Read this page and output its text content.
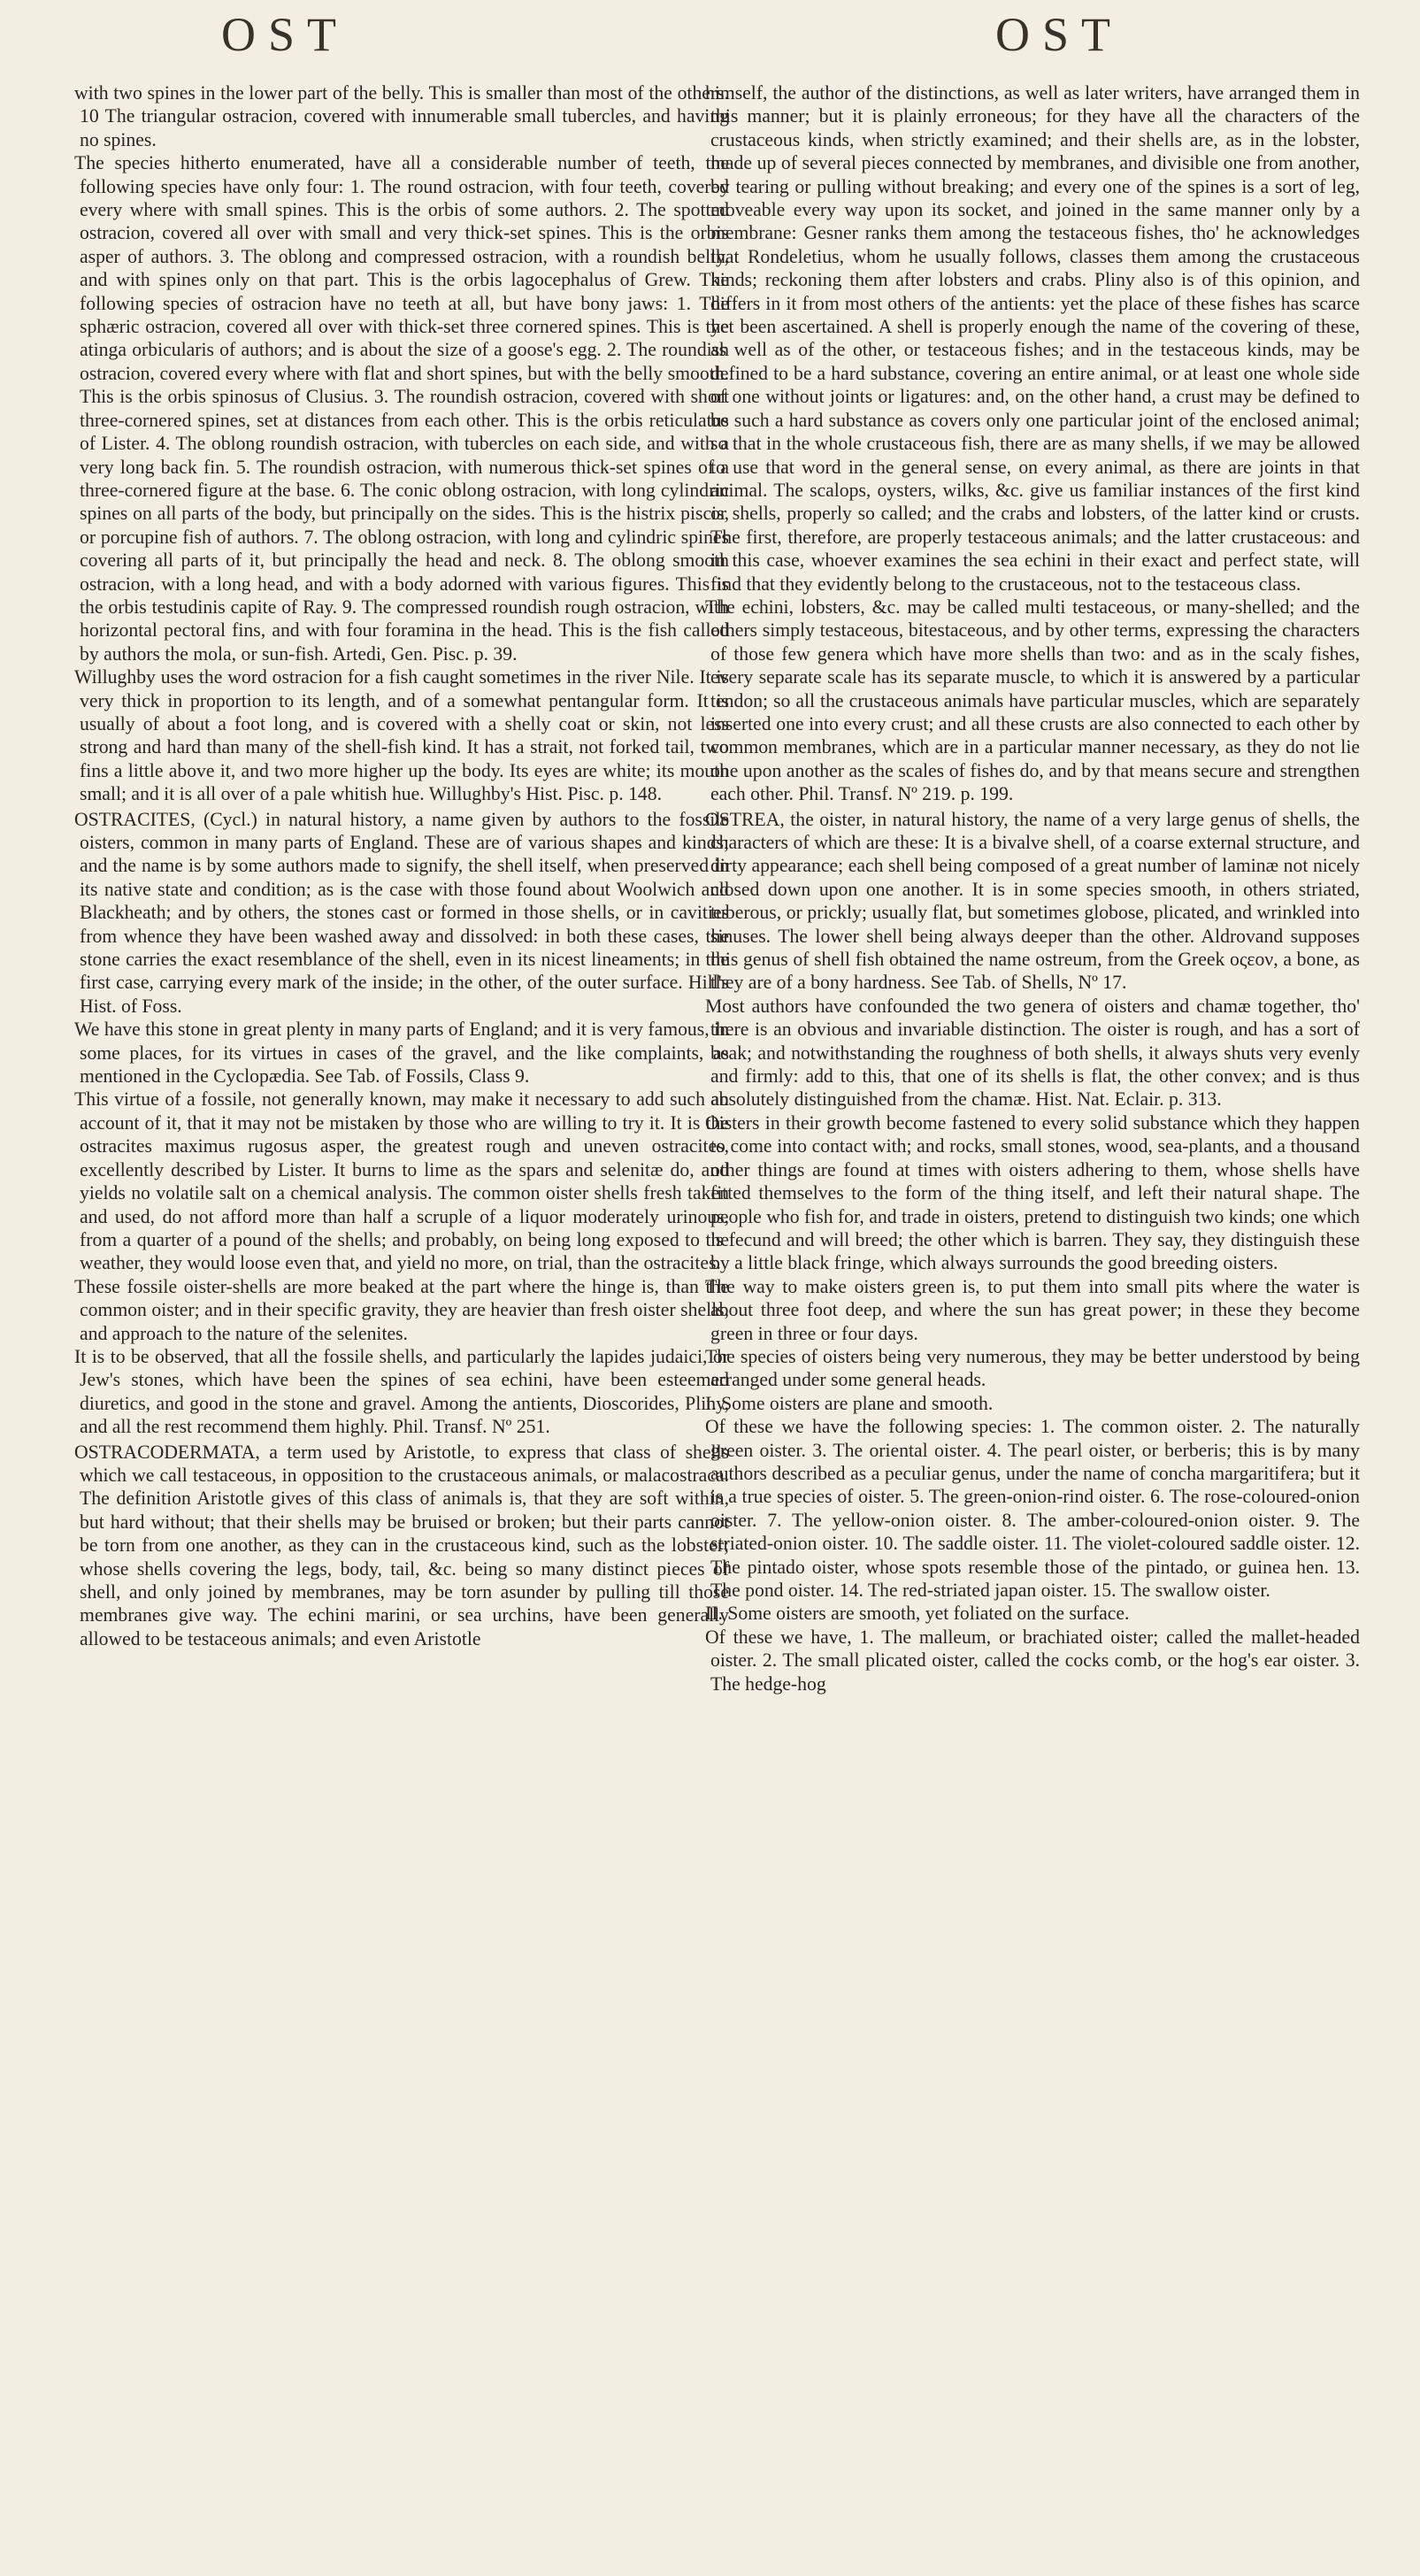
OST	OST

with two spines in the lower part of the belly. This is smaller than most of the others. 10 The triangular ostracion, covered with innumerable small tubercles, and having no spines.

The species hitherto enumerated, have all a considerable number of teeth, the following species have only four: 1. The round ostracion, with four teeth, covered every where with small spines. This is the orbis of some authors. 2. The spotted ostracion, covered all over with small and very thick-set spines. This is the orbis asper of authors. 3. The oblong and compressed ostracion, with a roundish belly, and with spines only on that part. This is the orbis lagocephalus of Grew. The following species of ostracion have no teeth at all, but have bony jaws: 1. The sphæric ostracion, covered all over with thick-set three cornered spines. This is the atinga orbicularis of authors; and is about the size of a goose's egg. 2. The roundish ostracion, covered every where with flat and short spines, but with the belly smooth. This is the orbis spinosus of Clusius. 3. The roundish ostracion, covered with short three-cornered spines, set at distances from each other. This is the orbis reticulatus of Lister. 4. The oblong roundish ostracion, with tubercles on each side, and with a very long back fin. 5. The roundish ostracion, with numerous thick-set spines of a three-cornered figure at the base. 6. The conic oblong ostracion, with long cylindric spines on all parts of the body, but principally on the sides. This is the histrix piscis, or porcupine fish of authors. 7. The oblong ostracion, with long and cylindric spines covering all parts of it, but principally the head and neck. 8. The oblong smooth ostracion, with a long head, and with a body adorned with various figures. This is the orbis testudinis capite of Ray. 9. The compressed roundish rough ostracion, with horizontal pectoral fins, and with four foramina in the head. This is the fish called by authors the mola, or sun-fish. Artedi, Gen. Pisc. p. 39.

Willughby uses the word ostracion for a fish caught sometimes in the river Nile. It is very thick in proportion to its length, and of a somewhat pentangular form. It is usually of about a foot long, and is covered with a shelly coat or skin, not less strong and hard than many of the shell-fish kind. It has a strait, not forked tail, two fins a little above it, and two more higher up the body. Its eyes are white; its mouth small; and it is all over of a pale whitish hue. Willughby's Hist. Pisc. p. 148.

OSTRACITES, (Cycl.) in natural history, a name given by authors to the fossile oisters, common in many parts of England. These are of various shapes and kinds; and the name is by some authors made to signify, the shell itself, when preserved in its native state and condition; as is the case with those found about Woolwich and Blackheath; and by others, the stones cast or formed in those shells, or in cavities from whence they have been washed away and dissolved: in both these cases, the stone carries the exact resemblance of the shell, even in its nicest lineaments; in the first case, carrying every mark of the inside; in the other, of the outer surface. Hill's Hist. of Foss.

We have this stone in great plenty in many parts of England; and it is very famous, in some places, for its virtues in cases of the gravel, and the like complaints, as mentioned in the Cyclopædia. See Tab. of Fossils, Class 9.

This virtue of a fossile, not generally known, may make it necessary to add such an account of it, that it may not be mistaken by those who are willing to try it. It is the ostracites maximus rugosus asper, the greatest rough and uneven ostracites, excellently described by Lister. It burns to lime as the spars and selenitæ do, and yields no volatile salt on a chemical analysis. The common oister shells fresh taken and used, do not afford more than half a scruple of a liquor moderately urinous, from a quarter of a pound of the shells; and probably, on being long exposed to the weather, they would loose even that, and yield no more, on trial, than the ostracites.

These fossile oister-shells are more beaked at the part where the hinge is, than the common oister; and in their specific gravity, they are heavier than fresh oister shells, and approach to the nature of the selenites.

It is to be observed, that all the fossile shells, and particularly the lapides judaici, or Jew's stones, which have been the spines of sea echini, have been esteemed diuretics, and good in the stone and gravel. Among the antients, Dioscorides, Pliny, and all the rest recommend them highly. Phil. Transf. Nº 251.

OSTRACODERMATA, a term used by Aristotle, to express that class of shells which we call testaceous, in opposition to the crustaceous animals, or malacostraca. The definition Aristotle gives of this class of animals is, that they are soft within, but hard without; that their shells may be bruised or broken; but their parts cannot be torn from one another, as they can in the crustaceous kind, such as the lobster; whose shells covering the legs, body, tail, &c. being so many distinct pieces of shell, and only joined by membranes, may be torn asunder by pulling till those membranes give way. The echini marini, or sea urchins, have been generally allowed to be testaceous animals; and even Aristotle

himself, the author of the distinctions, as well as later writers, have arranged them in this manner; but it is plainly erroneous; for they have all the characters of the crustaceous kinds, when strictly examined; and their shells are, as in the lobster, made up of several pieces connected by membranes, and divisible one from another, by tearing or pulling without breaking; and every one of the spines is a sort of leg, moveable every way upon its socket, and joined in the same manner only by a membrane: Gesner ranks them among the testaceous fishes, tho' he acknowledges that Rondeletius, whom he usually follows, classes them among the crustaceous kinds; reckoning them after lobsters and crabs. Pliny also is of this opinion, and differs in it from most others of the antients: yet the place of these fishes has scarce yet been ascertained. A shell is properly enough the name of the covering of these, as well as of the other, or testaceous fishes; and in the testaceous kinds, may be defined to be a hard substance, covering an entire animal, or at least one whole side of one without joints or ligatures: and, on the other hand, a crust may be defined to be such a hard substance as covers only one particular joint of the enclosed animal; so that in the whole crustaceous fish, there are as many shells, if we may be allowed to use that word in the general sense, on every animal, as there are joints in that animal. The scalops, oysters, wilks, &c. give us familiar instances of the first kind or shells, properly so called; and the crabs and lobsters, of the latter kind or crusts. The first, therefore, are properly testaceous animals; and the latter crustaceous: and in this case, whoever examines the sea echini in their exact and perfect state, will find that they evidently belong to the crustaceous, not to the testaceous class.

The echini, lobsters, &c. may be called multi testaceous, or many-shelled; and the others simply testaceous, bitestaceous, and by other terms, expressing the characters of those few genera which have more shells than two: and as in the scaly fishes, every separate scale has its separate muscle, to which it is answered by a particular tendon; so all the crustaceous animals have particular muscles, which are separately inserted one into every crust; and all these crusts are also connected to each other by common membranes, which are in a particular manner necessary, as they do not lie one upon another as the scales of fishes do, and by that means secure and strengthen each other. Phil. Transf. Nº 219. p. 199.

OSTREA, the oister, in natural history, the name of a very large genus of shells, the characters of which are these: It is a bivalve shell, of a coarse external structure, and dirty appearance; each shell being composed of a great number of laminæ not nicely closed down upon one another. It is in some species smooth, in others striated, tuberous, or prickly; usually flat, but sometimes globose, plicated, and wrinkled into sinuses. The lower shell being always deeper than the other. Aldrovand supposes this genus of shell fish obtained the name ostreum, from the Greek οςεον, a bone, as they are of a bony hardness. See Tab. of Shells, Nº 17.

Most authors have confounded the two genera of oisters and chamæ together, tho' there is an obvious and invariable distinction. The oister is rough, and has a sort of beak; and notwithstanding the roughness of both shells, it always shuts very evenly and firmly: add to this, that one of its shells is flat, the other convex; and is thus absolutely distinguished from the chamæ. Hist. Nat. Eclair. p. 313.

Oisters in their growth become fastened to every solid substance which they happen to come into contact with; and rocks, small stones, wood, sea-plants, and a thousand other things are found at times with oisters adhering to them, whose shells have fitted themselves to the form of the thing itself, and left their natural shape. The people who fish for, and trade in oisters, pretend to distinguish two kinds; one which is fecund and will breed; the other which is barren. They say, they distinguish these by a little black fringe, which always surrounds the good breeding oisters.

The way to make oisters green is, to put them into small pits where the water is about three foot deep, and where the sun has great power; in these they become green in three or four days.

The species of oisters being very numerous, they may be better understood by being arranged under some general heads.

I. Some oisters are plane and smooth.

Of these we have the following species: 1. The common oister. 2. The naturally green oister. 3. The oriental oister. 4. The pearl oister, or berberis; this is by many authors described as a peculiar genus, under the name of concha margaritifera; but it is a true species of oister. 5. The green-onion-rind oister. 6. The rose-coloured-onion oister. 7. The yellow-onion oister. 8. The amber-coloured-onion oister. 9. The striated-onion oister. 10. The saddle oister. 11. The violet-coloured saddle oister. 12. The pintado oister, whose spots resemble those of the pintado, or guinea hen. 13. The pond oister. 14. The red-striated japan oister. 15. The swallow oister.

II. Some oisters are smooth, yet foliated on the surface.

Of these we have, 1. The malleum, or brachiated oister; called the mallet-headed oister. 2. The small plicated oister, called the cocks comb, or the hog's ear oister. 3. The hedge-hog
